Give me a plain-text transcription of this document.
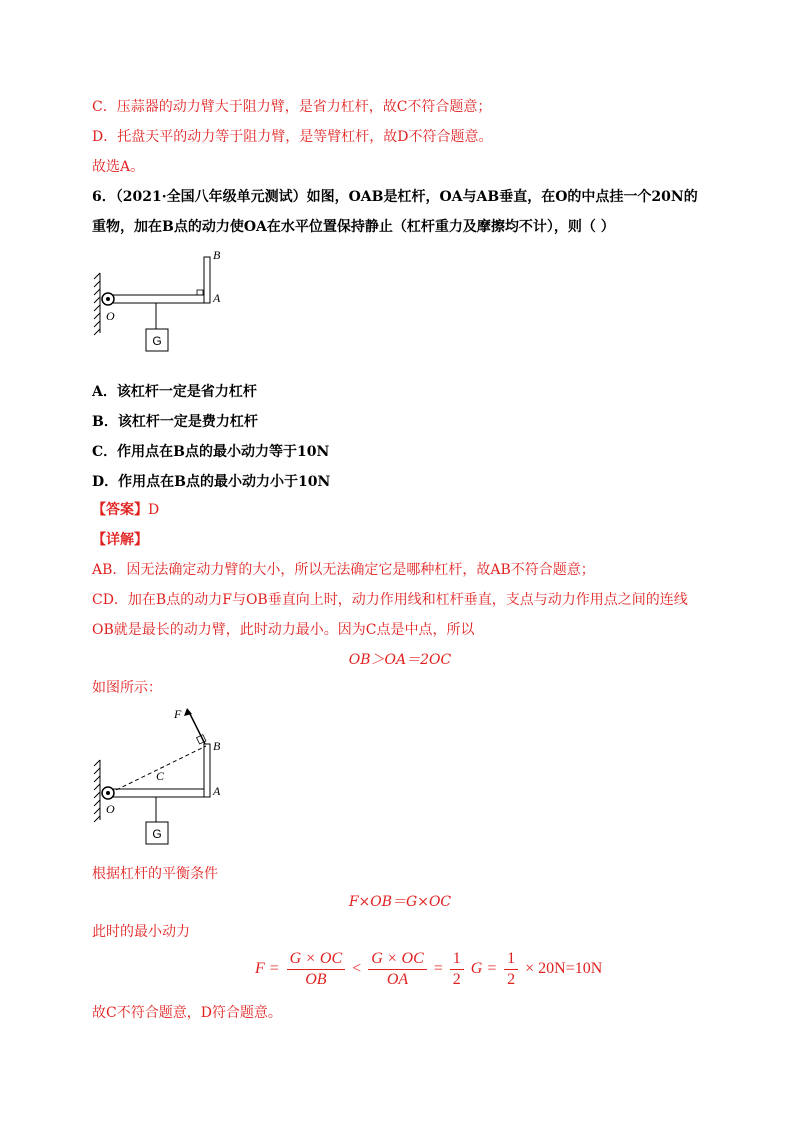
C．压蒜器的动力臂大于阻力臂，是省力杠杆，故C不符合题意；
D．托盘天平的动力等于阻力臂，是等臂杠杆，故D不符合题意。
故选A。
6．（2021·全国八年级单元测试）如图，OAB是杠杆，OA与AB垂直，在O的中点挂一个20N的
重物，加在B点的动力使OA在水平位置保持静止（杠杆重力及摩擦均不计），则（ ）
G
O
A
B
A．该杠杆一定是省力杠杆
B．该杠杆一定是费力杠杆
C．作用点在B点的最小动力等于10N
D．作用点在B点的最小动力小于10N
【答案】D
【详解】
AB．因无法确定动力臂的大小，所以无法确定它是哪种杠杆，故AB不符合题意；
CD．加在B点的动力F与OB垂直向上时，动力作用线和杠杆垂直，支点与动力作用点之间的连线
OB就是最长的动力臂，此时动力最小。因为C点是中点，所以
OB＞OA＝2OC
如图所示：
G
O
A
B
C
F
根据杠杆的平衡条件
F×OB＝G×OC
此时的最小动力
$F = \frac{G \times OC}{OB} < \frac{G \times OC}{OA} = \frac{1}{2}$ $G = \frac{1}{2} \times 20N=10N$
故C不符合题意，D符合题意。
